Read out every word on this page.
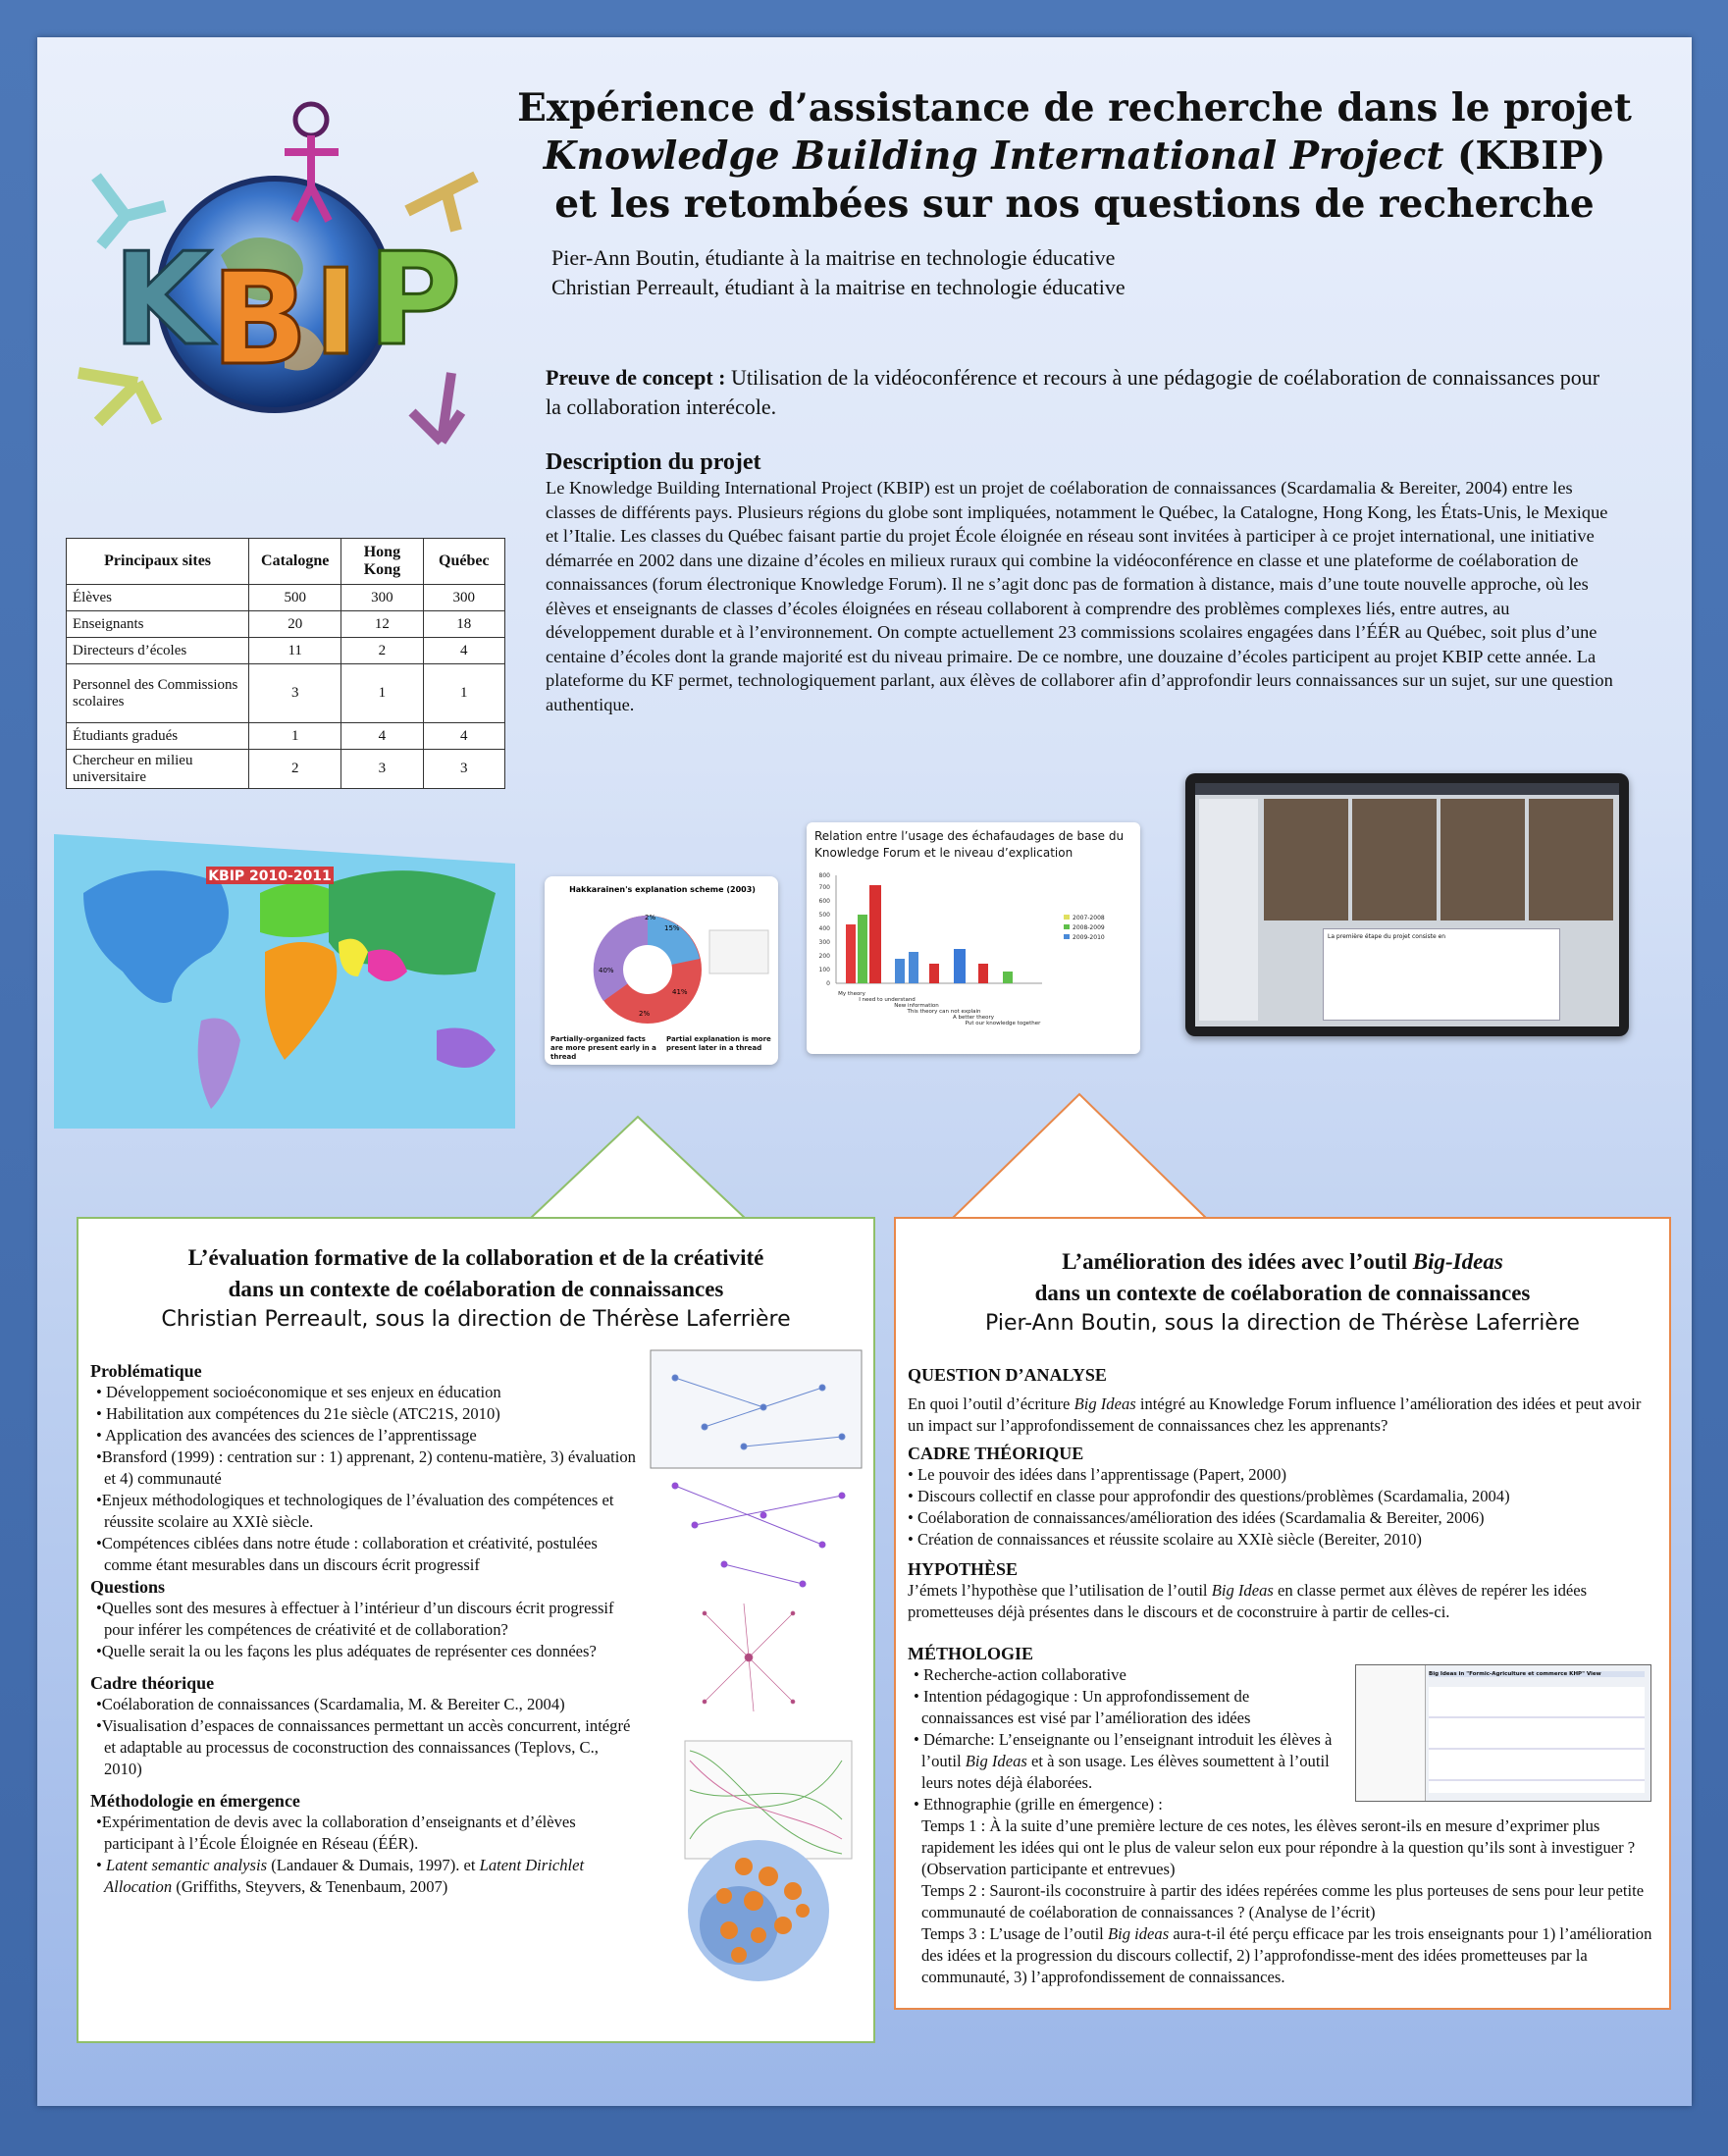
K B I P
Expérience d’assistance de recherche dans le projet
Knowledge Building International Project (KBIP)
et les retombées sur nos questions de recherche
Pier-Ann Boutin, étudiante à la maitrise en technologie éducative
Christian Perreault, étudiant à la maitrise en technologie éducative
Preuve de concept : Utilisation de la vidéoconférence et recours à une pédagogie de coélaboration de connaissances pour la collaboration interécole.
Description du projet
Le Knowledge Building International Project (KBIP) est un projet de coélaboration de connaissances (Scardamalia & Bereiter, 2004) entre les classes de différents pays. Plusieurs régions du globe sont impliquées, notamment le Québec, la Catalogne, Hong Kong, les États-Unis, le Mexique et l’Italie. Les classes du Québec faisant partie du projet École éloignée en réseau sont invitées à participer à ce projet international, une initiative démarrée en 2002 dans une dizaine d’écoles en milieux ruraux qui combine la vidéoconférence en classe et une plateforme de coélaboration de connaissances (forum électronique Knowledge Forum). Il ne s’agit donc pas de formation à distance, mais d’une toute nouvelle approche, où les élèves et enseignants de classes d’écoles éloignées en réseau collaborent à comprendre des problèmes complexes liés, entre autres, au développement durable et à l’environnement. On compte actuellement 23 commissions scolaires engagées dans l’ÉÉR au Québec, soit plus d’une centaine d’écoles dont la grande majorité est du niveau primaire. De ce nombre, une douzaine d’écoles participent au projet KBIP cette année. La plateforme du KF permet, technologiquement parlant, aux élèves de collaborer afin d’approfondir leurs connaissances sur un sujet, sur une question authentique.
Principaux sites	Catalogne	Hong Kong	Québec
Élèves	500	300	300
Enseignants	20	12	18
Directeurs d’écoles	11	2	4
Personnel des Commissions scolaires	3	1	1
Étudiants gradués	1	4	4
Chercheur en milieu universitaire	2	3	3
KBIP 2010-2011
Hakkarainen's explanation scheme (2003)
15%
2%
40%
41%
2%
Partially-organized facts are more present early in a thread
Partial explanation is more present later in a thread
Relation entre l’usage des échafaudages de base du Knowledge Forum et le niveau d’explication
0
100
200
300
400
500
600
700
800
My theory
I need to understand
New information
This theory can not explain
A better theory
Put our knowledge together
2007-2008
2008-2009
2009-2010	La première étape du projet consiste en
L’évaluation formative de la collaboration et de la créativité
dans un contexte de coélaboration de connaissances
Christian Perreault, sous la direction de Thérèse Laferrière
Problématique

• Développement socioéconomique et ses enjeux en éducation

• Habilitation aux compétences du 21e siècle (ATC21S, 2010)

• Application des avancées des sciences de l’apprentissage

•Bransford (1999) : centration sur : 1) apprenant, 2) contenu-matière, 3) évaluation et 4) communauté

•Enjeux méthodologiques et technologiques de l’évaluation des compétences et réussite scolaire au XXIè siècle.

•Compétences ciblées dans notre étude : collaboration et créativité, postulées comme étant mesurables dans un discours écrit progressif

Questions

•Quelles sont des mesures à effectuer à l’intérieur d’un discours écrit progressif pour inférer les compétences de créativité et de collaboration?

•Quelle serait la ou les façons les plus adéquates de représenter ces données?

Cadre théorique

•Coélaboration de connaissances (Scardamalia, M. & Bereiter C., 2004)

•Visualisation d’espaces de connaissances permettant un accès concurrent, intégré et adaptable au processus de coconstruction des connaissances (Teplovs, C., 2010)

Méthodologie en émergence

•Expérimentation de devis avec la collaboration d’enseignants et d’élèves participant à l’École Éloignée en Réseau (ÉÉR).

• Latent semantic analysis (Landauer & Dumais, 1997). et Latent Dirichlet Allocation (Griffiths, Steyvers, & Tenenbaum, 2007)

L’amélioration des idées avec l’outil Big-Ideas
dans un contexte de coélaboration de connaissances
Pier-Ann Boutin, sous la direction de Thérèse Laferrière
QUESTION D’ANALYSE

En quoi l’outil d’écriture Big Ideas intégré au Knowledge Forum influence l’amélioration des idées et peut avoir un impact sur l’approfondissement de connaissances chez les apprenants?

CADRE THÉORIQUE

• Le pouvoir des idées dans l’apprentissage (Papert, 2000)

• Discours collectif en classe pour approfondir des questions/problèmes (Scardamalia, 2004)

• Coélaboration de connaissances/amélioration des idées (Scardamalia & Bereiter, 2006)

• Création de connaissances et réussite scolaire au XXIè siècle (Bereiter, 2010)

HYPOTHÈSE

J’émets l’hypothèse que l’utilisation de l’outil Big Ideas en classe permet aux élèves de repérer les idées prometteuses déjà présentes dans le discours et de coconstruire à partir de celles-ci.

MÉTHOLOGIE

• Recherche-action collaborative

• Intention pédagogique : Un approfondissement de connaissances est visé par l’amélioration des idées

• Démarche: L’enseignante ou l’enseignant introduit les élèves à l’outil Big Ideas et à son usage. Les élèves soumettent à l’outil leurs notes déjà élaborées.

• Ethnographie (grille en émergence) :

Temps 1 : À la suite d’une première lecture de ces notes, les élèves seront-ils en mesure d’exprimer plus rapidement les idées qui ont le plus de valeur selon eux pour répondre à la question qu’ils sont à investiguer ? (Observation participante et entrevues)

Temps 2 : Sauront-ils coconstruire à partir des idées repérées comme les plus porteuses de sens pour leur petite communauté de coélaboration de connaissances ? (Analyse de l’écrit)

Temps 3 : L’usage de l’outil Big ideas aura-t-il été perçu efficace par les trois enseignants pour 1) l’amélioration des idées et la progression du discours collectif, 2) l’approfondisse-ment des idées prometteuses par la communauté, 3) l’approfondissement de connaissances.

Big Ideas in "Formic-Agriculture et commerce KHP" View
